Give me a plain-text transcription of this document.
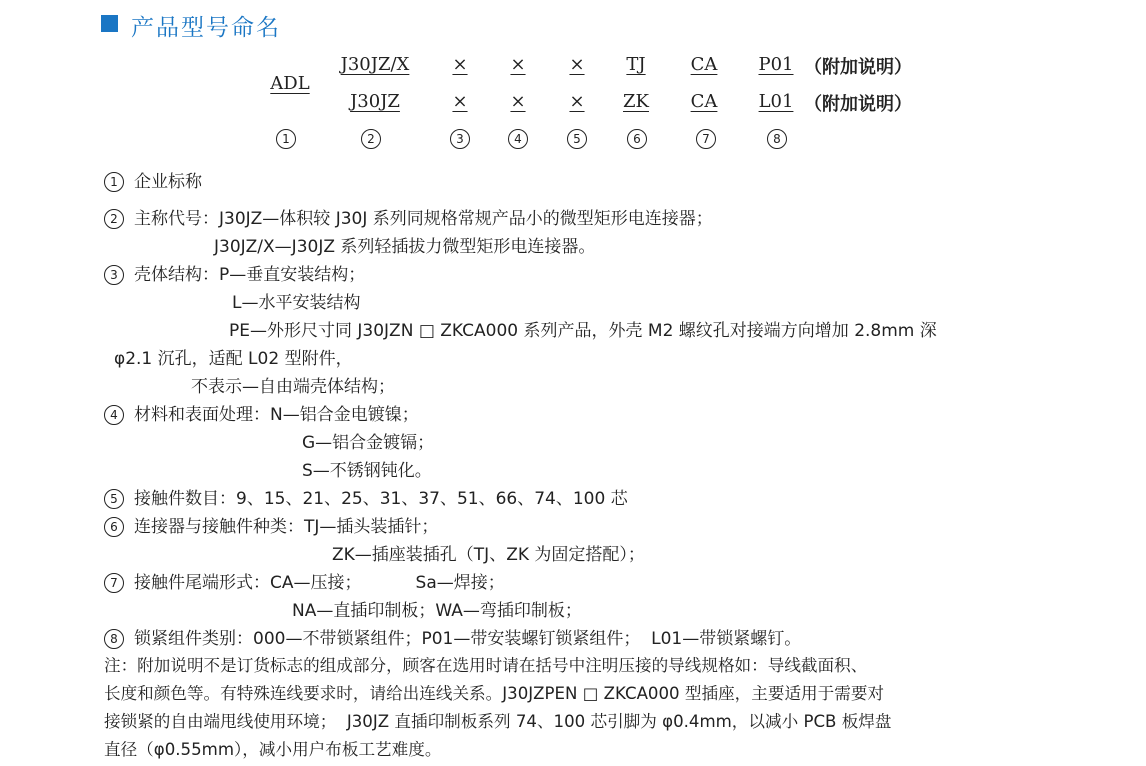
产品型号命名
ADL
J30JZ/X × × × TJ CA P01 （附加说明）
J30JZ	× × × ZK CA L01 （附加说明）
1	2	3	4	5	6	7	8
1 企业标称
2 主称代号：J30JZ—体积较 J30J 系列同规格常规产品小的微型矩形电连接器；
J30JZ/X—J30JZ 系列轻插拔力微型矩形电连接器。
3 壳体结构：P—垂直安装结构；
L—水平安装结构
PE—外形尺寸同 J30JZN □ ZKCA000 系列产品，外壳 M2 螺纹孔对接端方向增加 2.8mm 深
φ2.1 沉孔，适配 L02 型附件，
不表示—自由端壳体结构；
4 材料和表面处理：N—铝合金电镀镍；
G—铝合金镀镉；
S—不锈钢钝化。
5 接触件数目：9、15、21、25、31、37、51、66、74、100 芯
6 连接器与接触件种类：TJ—插头装插针；
ZK—插座装插孔（TJ、ZK 为固定搭配）；
7 接触件尾端形式：CA—压接；          Sa—焊接；
NA—直插印制板；WA—弯插印制板；
8 锁紧组件类别：000—不带锁紧组件；P01—带安装螺钉锁紧组件；  L01—带锁紧螺钉。
注：附加说明不是订货标志的组成部分，顾客在选用时请在括号中注明压接的导线规格如：导线截面积、
长度和颜色等。有特殊连线要求时，请给出连线关系。J30JZPEN □ ZKCA000 型插座，主要适用于需要对
接锁紧的自由端甩线使用环境；  J30JZ 直插印制板系列 74、100 芯引脚为 φ0.4mm，以减小 PCB 板焊盘
直径（φ0.55mm），减小用户布板工艺难度。
